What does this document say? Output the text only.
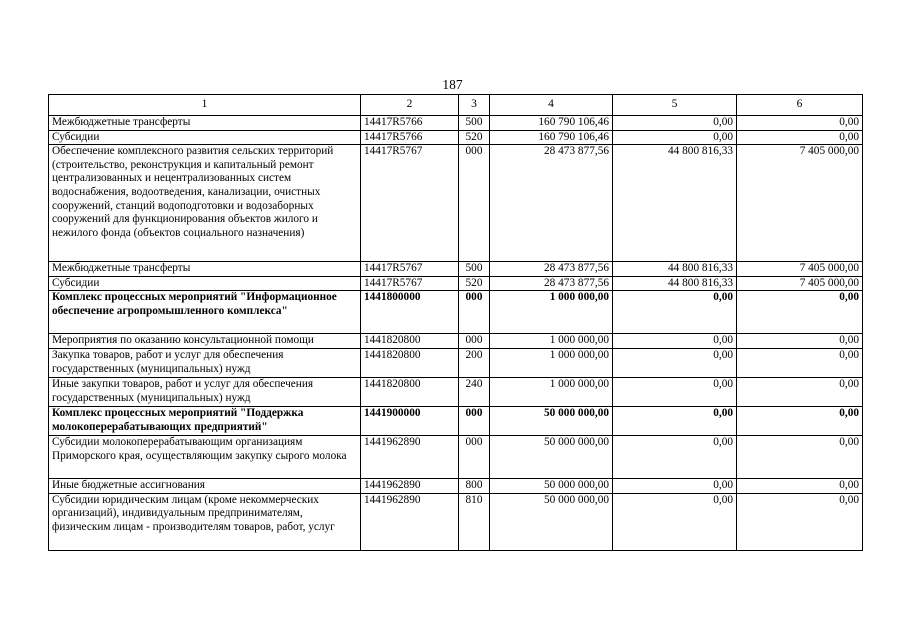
187
1	2	3	4	5	6
Межбюджетные трансферты	14417R5766	500	160 790 106,46	0,00	0,00
Субсидии	14417R5766	520	160 790 106,46	0,00	0,00
Обеспечение комплексного развития сельских территорий (строительство, реконструкция и капитальный ремонт централизованных и нецентрализованных систем водоснабжения, водоотведения, канализации, очистных сооружений, станций водоподготовки и водозаборных сооружений для функционирования объектов жилого и нежилого фонда (объектов социального назначения)	14417R5767	000	28 473 877,56	44 800 816,33	7 405 000,00
Межбюджетные трансферты	14417R5767	500	28 473 877,56	44 800 816,33	7 405 000,00
Субсидии	14417R5767	520	28 473 877,56	44 800 816,33	7 405 000,00
Комплекс процессных мероприятий "Информационное обеспечение агропромышленного комплекса"	1441800000	000	1 000 000,00	0,00	0,00
Мероприятия по оказанию консультационной помощи	1441820800	000	1 000 000,00	0,00	0,00
Закупка товаров, работ и услуг для обеспечения государственных (муниципальных) нужд	1441820800	200	1 000 000,00	0,00	0,00
Иные закупки товаров, работ и услуг для обеспечения государственных (муниципальных) нужд	1441820800	240	1 000 000,00	0,00	0,00
Комплекс процессных мероприятий "Поддержка молокоперерабатывающих предприятий"	1441900000	000	50 000 000,00	0,00	0,00
Субсидии молокоперерабатывающим организациям Приморского края, осуществляющим закупку сырого молока	1441962890	000	50 000 000,00	0,00	0,00
Иные бюджетные ассигнования	1441962890	800	50 000 000,00	0,00	0,00
Субсидии юридическим лицам (кроме некоммерческих организаций), индивидуальным предпринимателям, физическим лицам - производителям товаров, работ, услуг	1441962890	810	50 000 000,00	0,00	0,00
